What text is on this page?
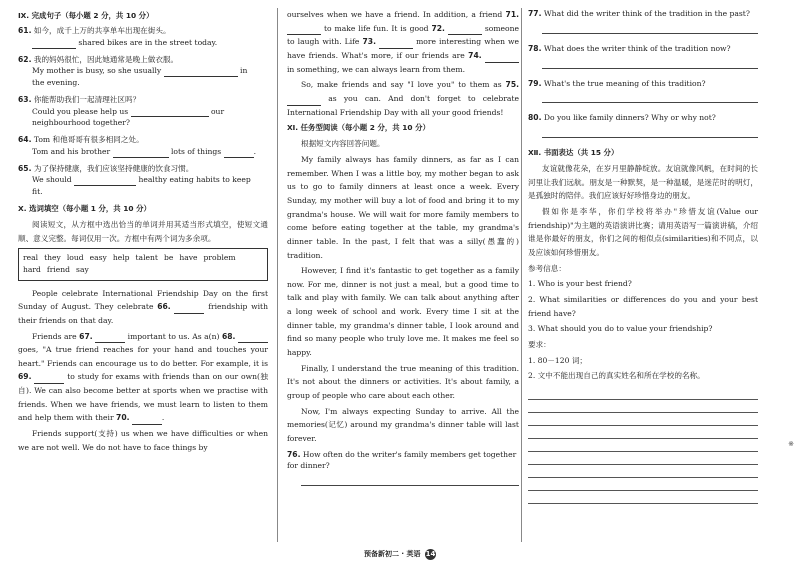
Ⅸ. 完成句子（每小题 2 分，共 10 分）
61. 如今，成千上万的共享单车出现在街头。
shared bikes are in the street today.
62. 我的妈妈很忙，因此她通常是晚上做衣服。
My mother is busy, so she usually	in
the evening.
63. 你能帮助我们一起清理社区吗？
Could you please help us	our
neighbourhood together?
64. Tom 和他哥哥有很多相同之处。
Tom and his brother	lots of things	.
65. 为了保持健康，我们应该坚持健康的饮食习惯。
We should	healthy eating habits to keep
fit.
Ⅹ. 选词填空（每小题 1 分，共 10 分）
阅读短文，从方框中选出恰当的单词并用其适当形式填空，使短文通顺、意义完整。每词仅用一次。方框中有两个词为多余项。
real they loud easy help talent be have problem
hard friend say
People celebrate International Friendship Day on the first Sunday of August. They celebrate 66.	friendship with their friends on that day.
Friends are 67.	important to us. As a(n) 68.  goes, "A true friend reaches for your hand and touches your heart." Friends can encourage us to do better. For example, it is 69.	to study for exams with friends than on our own(独自). We can also become better at sports when we practise with friends. When we have friends, we must learn to listen to them and help them with their 70.	.
Friends support(支持) us when we have difficulties or when we are not well. We do not have to face things by
ourselves when we have a friend. In addition, a friend 71.  to make life fun. It is good 72.	someone to laugh with. Life 73.	more interesting when we have friends. What's more, if our friends are 74.  in something, we can always learn from them.
So, make friends and say "I love you" to them as 75.  as you can. And don't forget to celebrate International Friendship Day with all your good friends!
Ⅺ. 任务型阅读（每小题 2 分，共 10 分）
根据短文内容回答问题。
My family always has family dinners, as far as I can remember. When I was a little boy, my mother began to ask us to go to family dinners at least once a week. Every Sunday, my mother will buy a lot of food and bring it to my grandma's house. We will wait for more family members to come before eating together at the table, my grandma's dinner table. In the past, I felt that was a silly(愚蠢的) tradition.
However, I find it's fantastic to get together as a family now. For me, dinner is not just a meal, but a good time to talk and play with family. We can talk about anything after a long week of school and work. Every time I sit at the dinner table, my grandma's dinner table, I look around and find so many people who truly love me. It makes me feel so happy.
Finally, I understand the true meaning of this tradition. It's not about the dinners or activities. It's about family, a group of people who care about each other.
Now, I'm always expecting Sunday to arrive. All the memories(记忆) around my grandma's dinner table will last forever.
76. How often do the writer's family members get together for dinner?
77. What did the writer think of the tradition in the past?
78. What does the writer think of the tradition now?
79. What's the true meaning of this tradition?
80. Do you like family dinners? Why or why not?
Ⅻ. 书面表达（共 15 分）
友谊就像花朵，在岁月里静静绽放。友谊就像风帆，在时间的长河里让我们远航。朋友是一种默契，是一种温暖，是迷茫时的明灯，是孤独时的陪伴。我们应该好好珍惜身边的朋友。
假如你是李华，你们学校将举办"珍惜友谊(Value our friendship)"为主题的英语演讲比赛；请用英语写一篇演讲稿，介绍谁是你最好的朋友，你们之间的相似点(similarities)和不同点，以及应该如何珍惜朋友。
参考信息：
1. Who is your best friend?
2. What similarities or differences do you and your best friend have?
3. What should you do to value your friendship?
要求：
1. 80－120 词；
2. 文中不能出现自己的真实姓名和所在学校的名称。
※
预备新初二 · 英语 14
